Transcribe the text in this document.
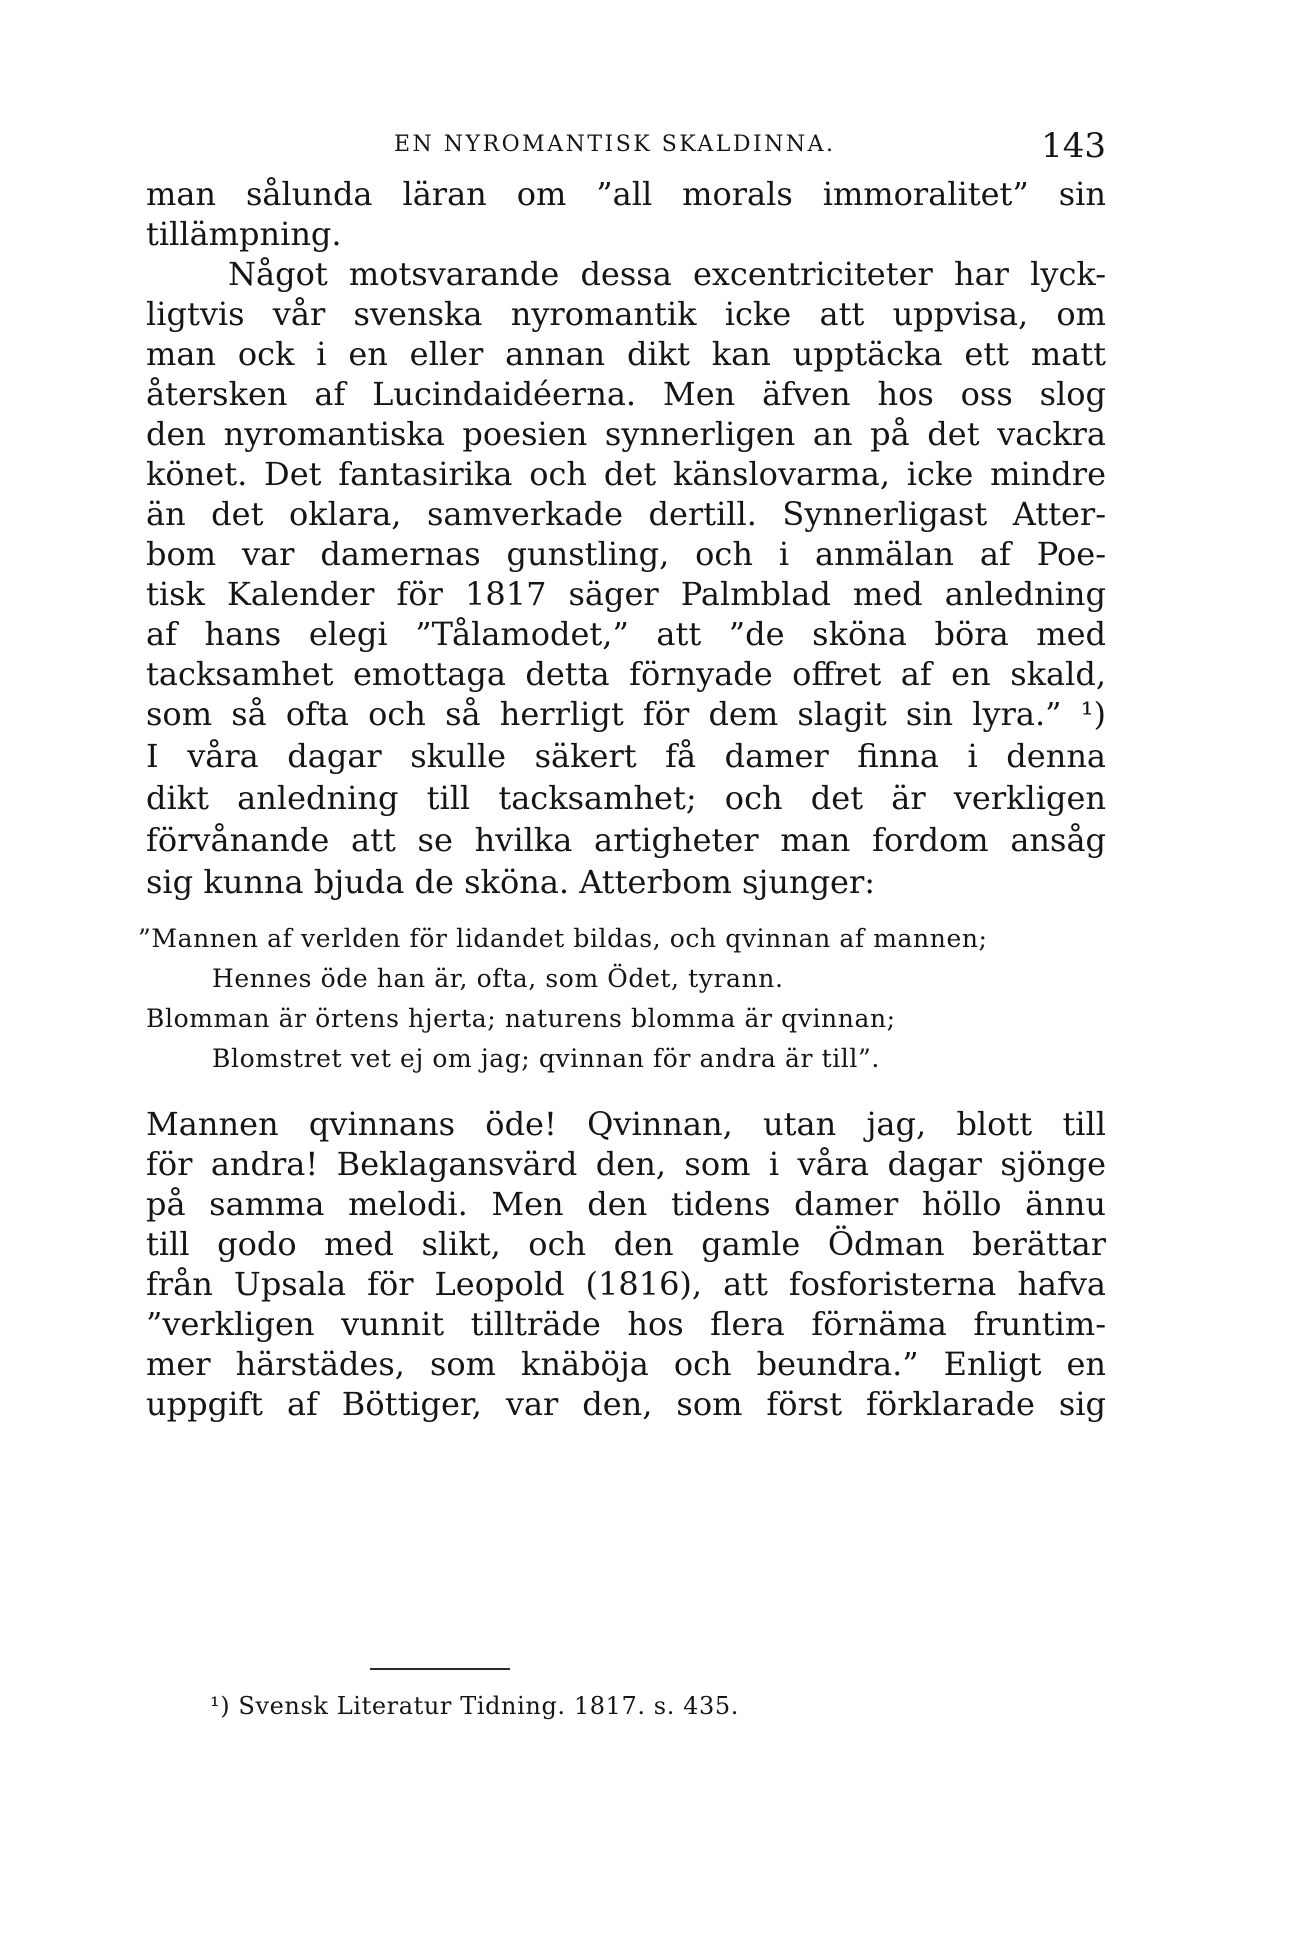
EN NYROMANTISK SKALDINNA.	143
man sålunda läran om ”all morals immoralitet” sin
tillämpning.
Något motsvarande dessa excentriciteter har lyck-
ligtvis vår svenska nyromantik icke att uppvisa, om
man ock i en eller annan dikt kan upptäcka ett matt
återsken af Lucindaidéerna. Men äfven hos oss slog
den nyromantiska poesien synnerligen an på det vackra
könet. Det fantasirika och det känslovarma, icke mindre
än det oklara, samverkade dertill. Synnerligast Atter-
bom var damernas gunstling, och i anmälan af Poe-
tisk Kalender för 1817 säger Palmblad med anledning
af hans elegi ”Tålamodet,” att ”de sköna böra med
tacksamhet emottaga detta förnyade offret af en skald,
som så ofta och så herrligt för dem slagit sin lyra.” ¹)
I våra dagar skulle säkert få damer finna i denna
dikt anledning till tacksamhet; och det är verkligen
förvånande att se hvilka artigheter man fordom ansåg
sig kunna bjuda de sköna. Atterbom sjunger:
”Mannen af verlden för lidandet bildas, och qvinnan af mannen;
Hennes öde han är, ofta, som Ödet, tyrann.
Blomman är örtens hjerta; naturens blomma är qvinnan;
Blomstret vet ej om jag; qvinnan för andra är till”.
Mannen qvinnans öde! Qvinnan, utan jag, blott till
för andra! Beklagansvärd den, som i våra dagar sjönge
på samma melodi. Men den tidens damer höllo ännu
till godo med slikt, och den gamle Ödman berättar
från Upsala för Leopold (1816), att fosforisterna hafva
”verkligen vunnit tillträde hos flera förnäma fruntim-
mer härstädes, som knäböja och beundra.” Enligt en
uppgift af Böttiger, var den, som först förklarade sig
¹) Svensk Literatur Tidning. 1817. s. 435.
